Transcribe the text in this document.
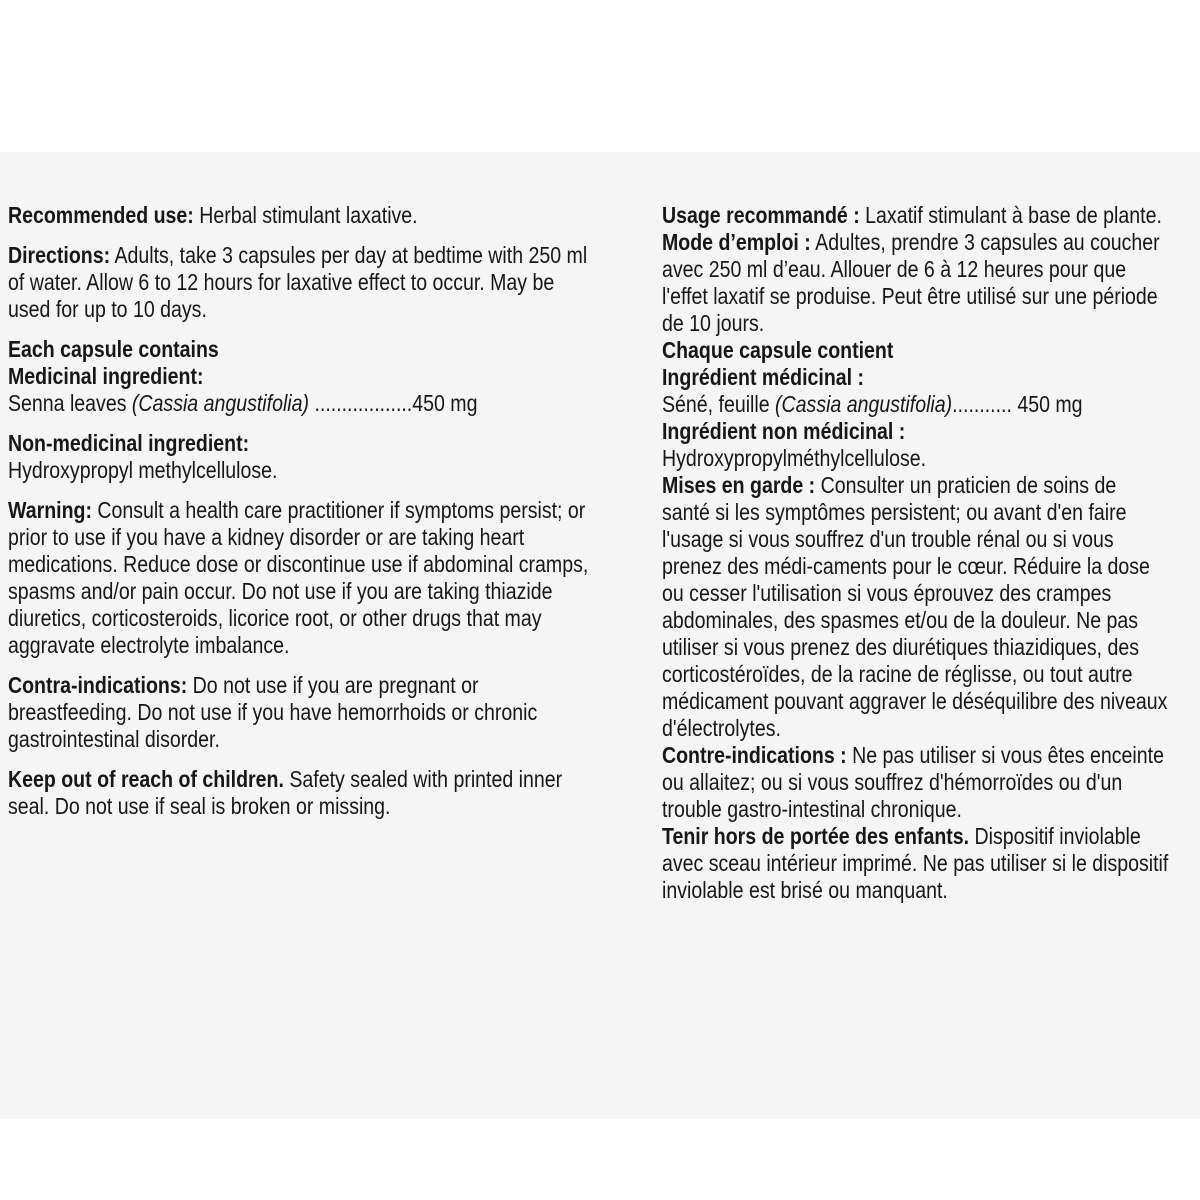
Recommended use: Herbal stimulant laxative.

Directions: Adults, take 3 capsules per day at bedtime with 250 ml of water. Allow 6 to 12 hours for laxative effect to occur. May be used for up to 10 days.

Each capsule contains
Medicinal ingredient:
Senna leaves (Cassia angustifolia) ..................450 mg

Non-medicinal ingredient:
Hydroxypropyl methylcellulose.

Warning: Consult a health care practitioner if symptoms persist; or prior to use if you have a kidney disorder or are taking heart medications. Reduce dose or discontinue use if abdominal cramps, spasms and/or pain occur. Do not use if you are taking thiazide diuretics, corticosteroids, licorice root, or other drugs that may aggravate electrolyte imbalance.

Contra-indications: Do not use if you are pregnant or breastfeeding. Do not use if you have hemorrhoids or chronic gastrointestinal disorder.

Keep out of reach of children. Safety sealed with printed inner seal. Do not use if seal is broken or missing.

Usage recommandé : Laxatif stimulant à base de plante.

Mode d’emploi : Adultes, prendre 3 capsules au coucher avec 250 ml d’eau. Allouer de 6 à 12 heures pour que l'effet laxatif se produise. Peut être utilisé sur une période de 10 jours.

Chaque capsule contient
Ingrédient médicinal :
Séné, feuille (Cassia angustifolia)........... 450 mg
Ingrédient non médicinal :
Hydroxypropylméthylcellulose.

Mises en garde : Consulter un praticien de soins de santé si les symptômes persistent; ou avant d'en faire l'usage si vous souffrez d'un trouble rénal ou si vous prenez des médi-caments pour le cœur. Réduire la dose ou cesser l'utilisation si vous éprouvez des crampes abdominales, des spasmes et/ou de la douleur. Ne pas utiliser si vous prenez des diurétiques thiazidiques, des corticostéroïdes, de la racine de réglisse, ou tout autre médicament pouvant aggraver le déséquilibre des niveaux d'électrolytes.

Contre-indications : Ne pas utiliser si vous êtes enceinte ou allaitez; ou si vous souffrez d'hémorroïdes ou d'un trouble gastro-intestinal chronique.

Tenir hors de portée des enfants. Dispositif inviolable avec sceau intérieur imprimé. Ne pas utiliser si le dispositif inviolable est brisé ou manquant.
